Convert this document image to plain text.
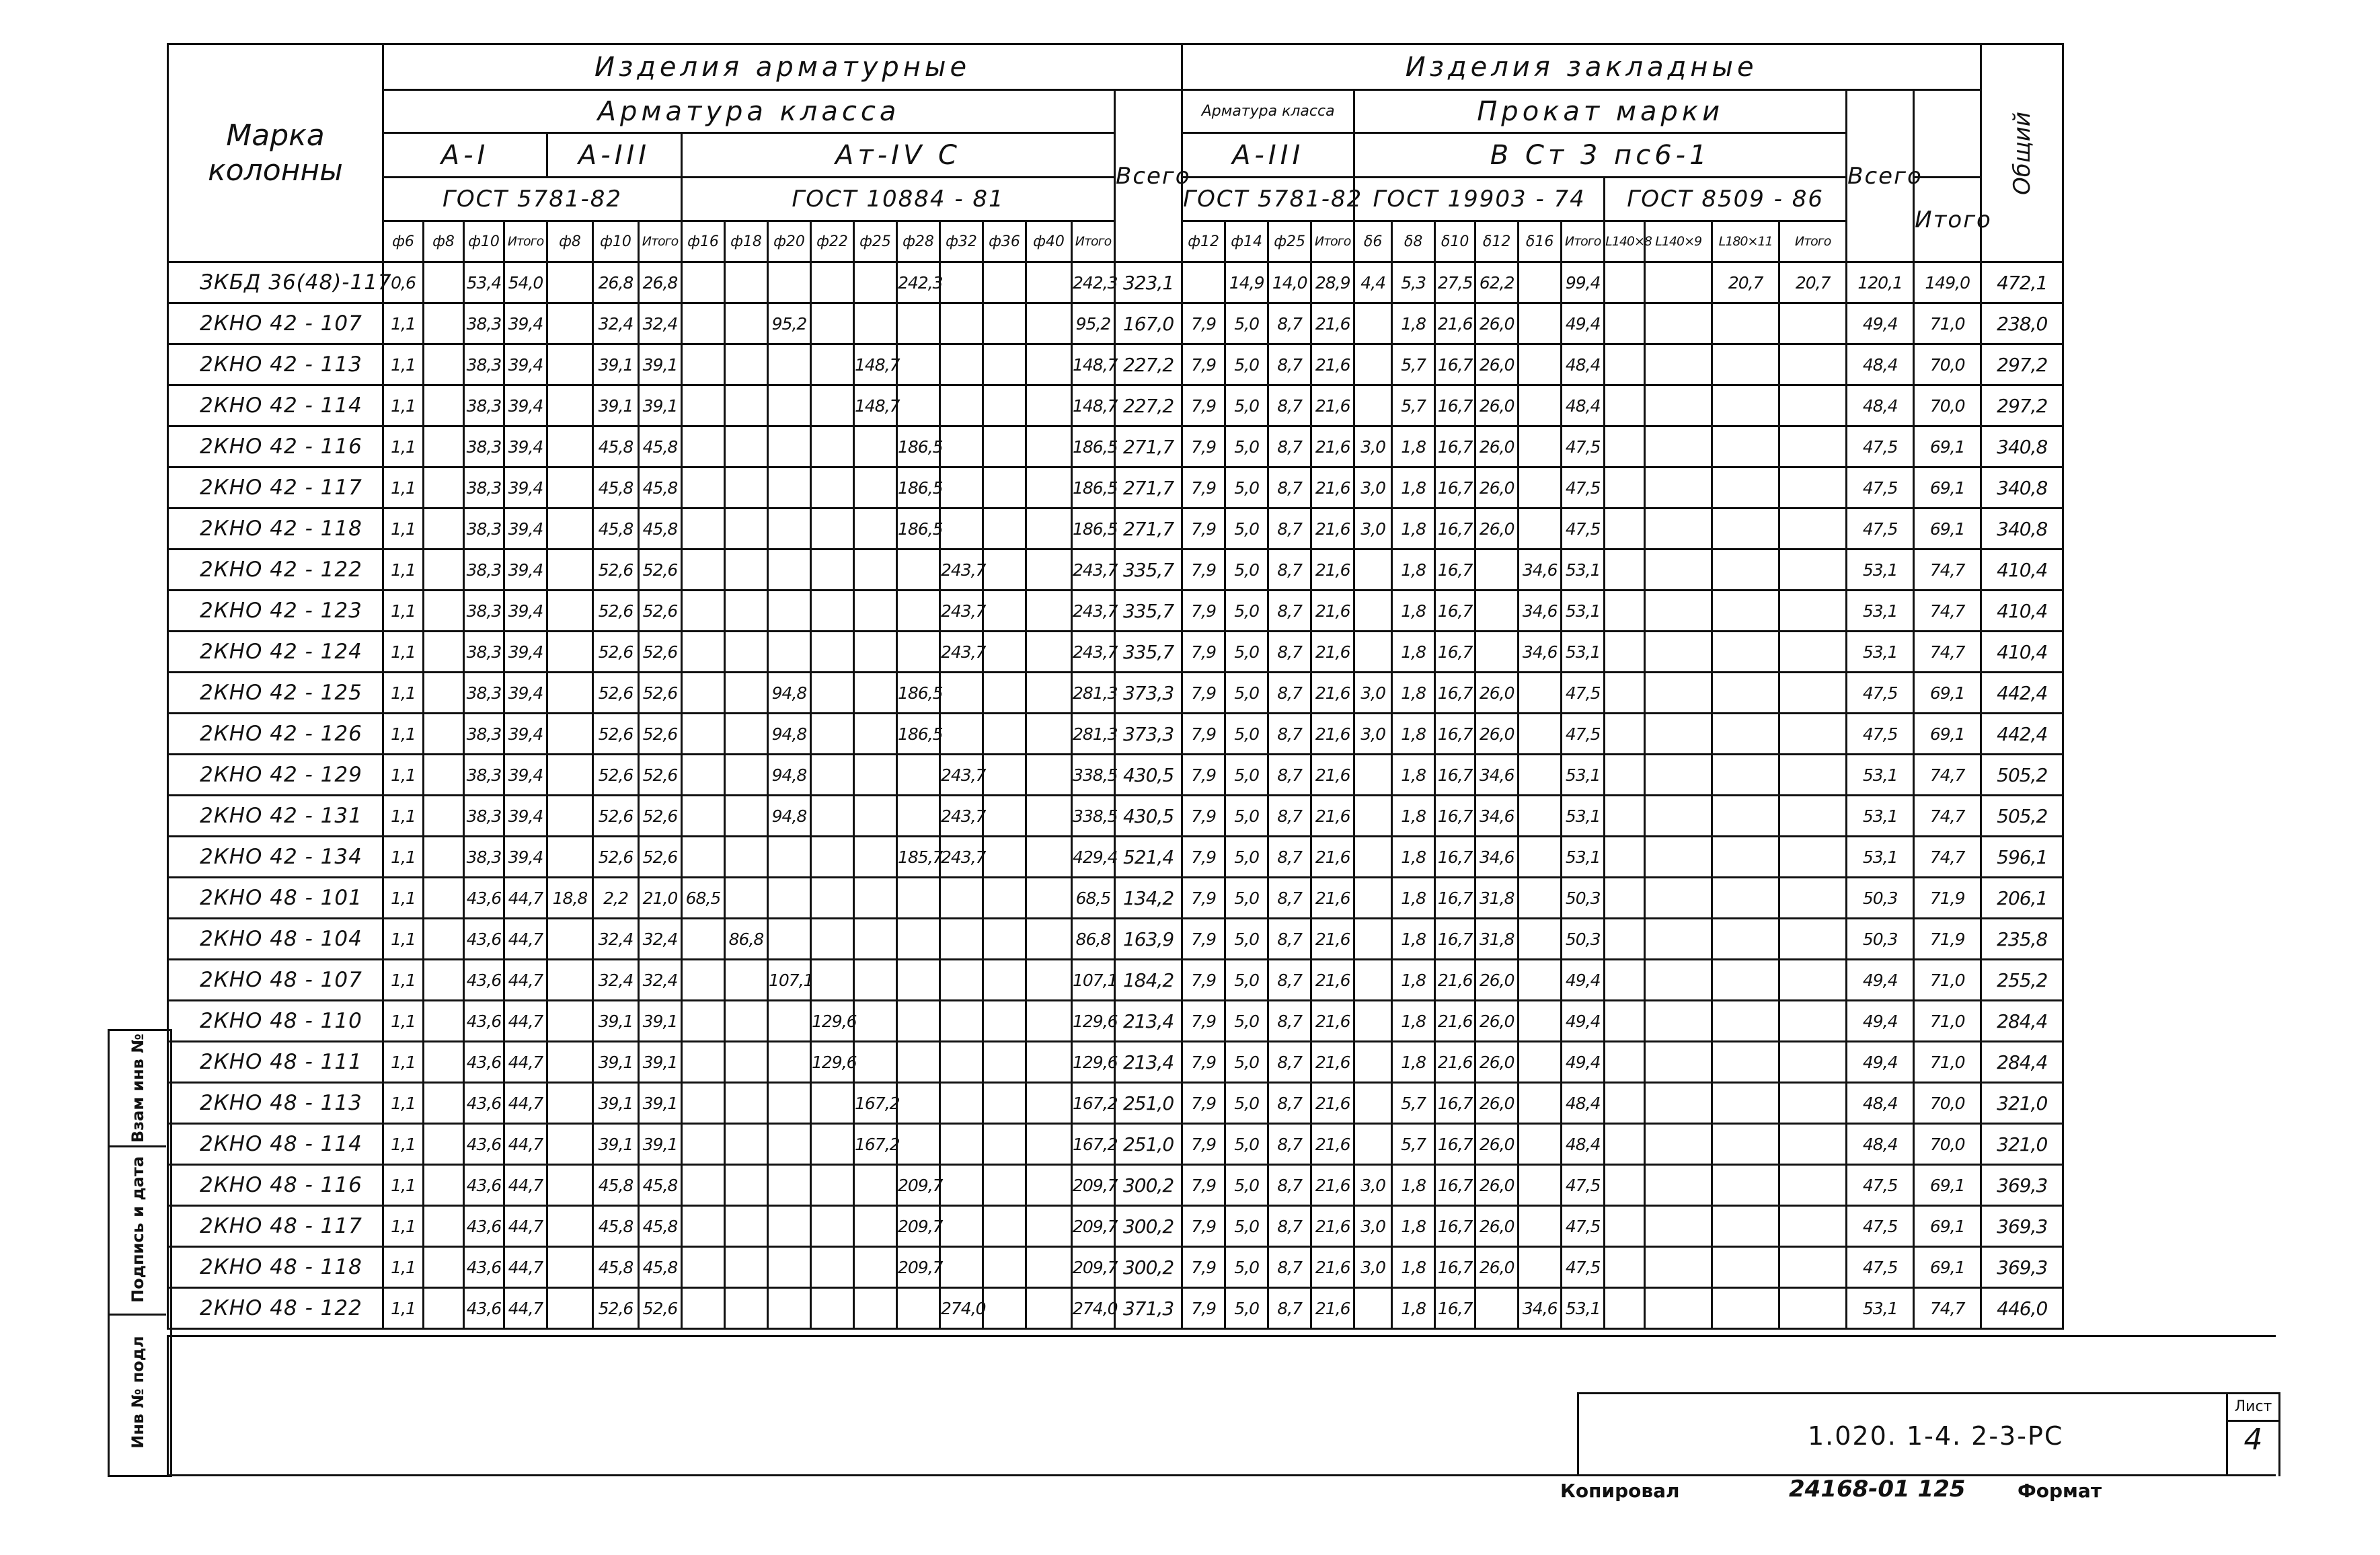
Марка колонны	Изделия арматурные																		Изделия закладные																Общий

	Арматура класса																	Всего	Арматура класса				Прокат марки										Всего		
	A-I				A-III			Aт-IV С											A-III				В Ст 3 пс6-1												
	ГОСТ 5781-82							ГОСТ 10884 - 81											ГОСТ 5781-82				ГОСТ 19903 - 74						ГОСТ 8509 - 86					Итого	
	ф6	ф8	ф10	Итого	ф8	ф10	Итого	ф16	ф18	ф20	ф22	ф25	ф28	ф32	ф36	ф40	Итого		ф12	ф14	ф25	Итого	δ6	δ8	δ10	δ12	δ16	Итого	L140×8	L140×9	L180×11	Итого			
ЗКБД 36(48)-117	0,6		53,4	54,0		26,8	26,8						242,3				242,3	323,1		14,9	14,0	28,9	4,4	5,3	27,5	62,2		99,4			20,7	20,7	120,1	149,0	472,1
2КНО 42 - 107	1,1		38,3	39,4		32,4	32,4			95,2							95,2	167,0	7,9	5,0	8,7	21,6		1,8	21,6	26,0		49,4					49,4	71,0	238,0
2КНО 42 - 113	1,1		38,3	39,4		39,1	39,1					148,7					148,7	227,2	7,9	5,0	8,7	21,6		5,7	16,7	26,0		48,4					48,4	70,0	297,2
2КНО 42 - 114	1,1		38,3	39,4		39,1	39,1					148,7					148,7	227,2	7,9	5,0	8,7	21,6		5,7	16,7	26,0		48,4					48,4	70,0	297,2
2КНО 42 - 116	1,1		38,3	39,4		45,8	45,8						186,5				186,5	271,7	7,9	5,0	8,7	21,6	3,0	1,8	16,7	26,0		47,5					47,5	69,1	340,8
2КНО 42 - 117	1,1		38,3	39,4		45,8	45,8						186,5				186,5	271,7	7,9	5,0	8,7	21,6	3,0	1,8	16,7	26,0		47,5					47,5	69,1	340,8
2КНО 42 - 118	1,1		38,3	39,4		45,8	45,8						186,5				186,5	271,7	7,9	5,0	8,7	21,6	3,0	1,8	16,7	26,0		47,5					47,5	69,1	340,8
2КНО 42 - 122	1,1		38,3	39,4		52,6	52,6							243,7			243,7	335,7	7,9	5,0	8,7	21,6		1,8	16,7		34,6	53,1					53,1	74,7	410,4
2КНО 42 - 123	1,1		38,3	39,4		52,6	52,6							243,7			243,7	335,7	7,9	5,0	8,7	21,6		1,8	16,7		34,6	53,1					53,1	74,7	410,4
2КНО 42 - 124	1,1		38,3	39,4		52,6	52,6							243,7			243,7	335,7	7,9	5,0	8,7	21,6		1,8	16,7		34,6	53,1					53,1	74,7	410,4
2КНО 42 - 125	1,1		38,3	39,4		52,6	52,6			94,8			186,5				281,3	373,3	7,9	5,0	8,7	21,6	3,0	1,8	16,7	26,0		47,5					47,5	69,1	442,4
2КНО 42 - 126	1,1		38,3	39,4		52,6	52,6			94,8			186,5				281,3	373,3	7,9	5,0	8,7	21,6	3,0	1,8	16,7	26,0		47,5					47,5	69,1	442,4
2КНО 42 - 129	1,1		38,3	39,4		52,6	52,6			94,8				243,7			338,5	430,5	7,9	5,0	8,7	21,6		1,8	16,7	34,6		53,1					53,1	74,7	505,2
2КНО 42 - 131	1,1		38,3	39,4		52,6	52,6			94,8				243,7			338,5	430,5	7,9	5,0	8,7	21,6		1,8	16,7	34,6		53,1					53,1	74,7	505,2
2КНО 42 - 134	1,1		38,3	39,4		52,6	52,6						185,7	243,7			429,4	521,4	7,9	5,0	8,7	21,6		1,8	16,7	34,6		53,1					53,1	74,7	596,1
2КНО 48 - 101	1,1		43,6	44,7	18,8	2,2	21,0	68,5									68,5	134,2	7,9	5,0	8,7	21,6		1,8	16,7	31,8		50,3					50,3	71,9	206,1
2КНО 48 - 104	1,1		43,6	44,7		32,4	32,4		86,8								86,8	163,9	7,9	5,0	8,7	21,6		1,8	16,7	31,8		50,3					50,3	71,9	235,8
2КНО 48 - 107	1,1		43,6	44,7		32,4	32,4			107,1							107,1	184,2	7,9	5,0	8,7	21,6		1,8	21,6	26,0		49,4					49,4	71,0	255,2
2КНО 48 - 110	1,1		43,6	44,7		39,1	39,1				129,6						129,6	213,4	7,9	5,0	8,7	21,6		1,8	21,6	26,0		49,4					49,4	71,0	284,4
2КНО 48 - 111	1,1		43,6	44,7		39,1	39,1				129,6						129,6	213,4	7,9	5,0	8,7	21,6		1,8	21,6	26,0		49,4					49,4	71,0	284,4
2КНО 48 - 113	1,1		43,6	44,7		39,1	39,1					167,2					167,2	251,0	7,9	5,0	8,7	21,6		5,7	16,7	26,0		48,4					48,4	70,0	321,0
2КНО 48 - 114	1,1		43,6	44,7		39,1	39,1					167,2					167,2	251,0	7,9	5,0	8,7	21,6		5,7	16,7	26,0		48,4					48,4	70,0	321,0
2КНО 48 - 116	1,1		43,6	44,7		45,8	45,8						209,7				209,7	300,2	7,9	5,0	8,7	21,6	3,0	1,8	16,7	26,0		47,5					47,5	69,1	369,3
2КНО 48 - 117	1,1		43,6	44,7		45,8	45,8						209,7				209,7	300,2	7,9	5,0	8,7	21,6	3,0	1,8	16,7	26,0		47,5					47,5	69,1	369,3
2КНО 48 - 118	1,1		43,6	44,7		45,8	45,8						209,7				209,7	300,2	7,9	5,0	8,7	21,6	3,0	1,8	16,7	26,0		47,5					47,5	69,1	369,3
2КНО 48 - 122	1,1		43,6	44,7		52,6	52,6							274,0			274,0	371,3	7,9	5,0	8,7	21,6		1,8	16,7		34,6	53,1					53,1	74,7	446,0
Взам инв №
Подпись и дата
Инв № подл	1.020. 1-4. 2-3-РС
Лист
4
Копировал	24168-01 125	Формат
